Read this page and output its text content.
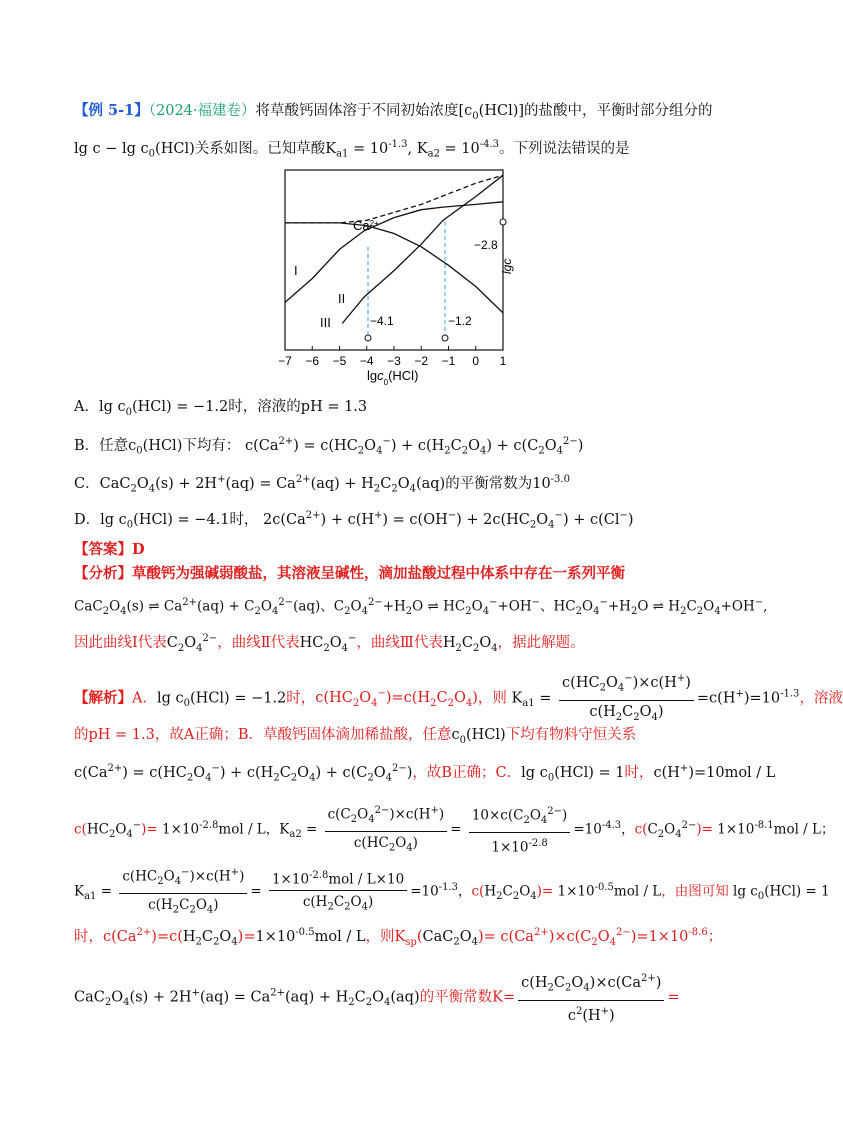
【例 5-1】（2024·福建卷）将草酸钙固体溶于不同初始浓度$[c_0(HCl)]$的盐酸中，平衡时部分组分的
$\lg c - \lg c_0(HCl)$关系如图。已知草酸$K_{a1} = 10^{-1.3}$, $K_{a2} = 10^{-4.3}$。下列说法错误的是
−7 −6 −5 −4 −3 −2 −1 0 1
$Ca^{2+}$
I
II
III
−2.8
−4.1	−1.2
lgc
lgc$_0$(HCl)
A．$\lg c_0(HCl) = -1.2$时，溶液的pH = 1.3
B．任意$c_0(HCl)$下均有： $c(Ca^{2+}) = c(HC_2O_4^-) + c(H_2C_2O_4) + c(C_2O_4^{2-})$
C．$CaC_2O_4(s) + 2H^+(aq) = Ca^{2+}(aq) + H_2C_2O_4(aq)$的平衡常数为$10^{-3.0}$
D．$\lg c_0(HCl) = -4.1$时， $2c(Ca^{2+}) + c(H^+) = c(OH^-) + 2c(HC_2O_4^-) + c(Cl^-)$
【答案】D
【分析】草酸钙为强碱弱酸盐，其溶液呈碱性，滴加盐酸过程中体系中存在一系列平衡
$CaC_2O_4(s)$ ⇌ $Ca^{2+}(aq) + C_2O_4^{2-}(aq)$、$C_2O_4^{2-}+H_2O$ ⇌ $HC_2O_4^-+OH^-$、$HC_2O_4^-+H_2O$ ⇌ $H_2C_2O_4+OH^-$,
因此曲线Ⅰ代表$C_2O_4^{2-}$，曲线Ⅱ代表$HC_2O_4^-$，曲线Ⅲ代表$H_2C_2O_4$，据此解题。
【解析】A．$\lg c_0(HCl) = -1.2$时，$c(HC_2O_4^-)=c(H_2C_2O_4)$，则 $K_{a1} = \frac{c(HC_2O_4^-)\times c(H^+)}{c(H_2C_2O_4)} =c(H^+)=10^{-1.3}$，溶液
的pH = 1.3，故A正确；B．草酸钙固体滴加稀盐酸，任意$c_0(HCl)$下均有物料守恒关系
$c(Ca^{2+}) = c(HC_2O_4^-) + c(H_2C_2O_4) + c(C_2O_4^{2-})$，故B正确；C．$\lg c_0(HCl) = 1$时，c(H+)=10mol / L
$c(HC_2O_4^-)= 1\times 10^{-2.8}mol / L$，$K_{a2} = \frac{c(C_2O_4^{2-})\times c(H^+)}{c(HC_2O_4)} = \frac{10\times c(C_2O_4^{2-})}{1\times 10^{-2.8}} =10^{-4.3}$，$c(C_2O_4^{2-})= 1\times 10^{-8.1}mol / L$；
$K_{a1} = \frac{c(HC_2O_4^-)\times c(H^+)}{c(H_2C_2O_4)} = \frac{1\times 10^{-2.8}mol / L\times 10}{c(H_2C_2O_4)} =10^{-1.3}$，$c(H_2C_2O_4)= 1\times 10^{-0.5}mol / L$，由图可知 $\lg c_0(HCl) = 1$
时，$c(Ca^{2+})=c(H_2C_2O_4)=1\times 10^{-0.5}mol / L$，则$K_{sp}(CaC_2O_4)= c(Ca^{2+})\times c(C_2O_4^{2-})=1\times 10^{-8.6}$；
$CaC_2O_4(s) + 2H^+(aq) = Ca^{2+}(aq) + H_2C_2O_4(aq)$的平衡常数$K= \frac{c(H_2C_2O_4)\times c(Ca^{2+})}{c^2(H^+)}$ =
